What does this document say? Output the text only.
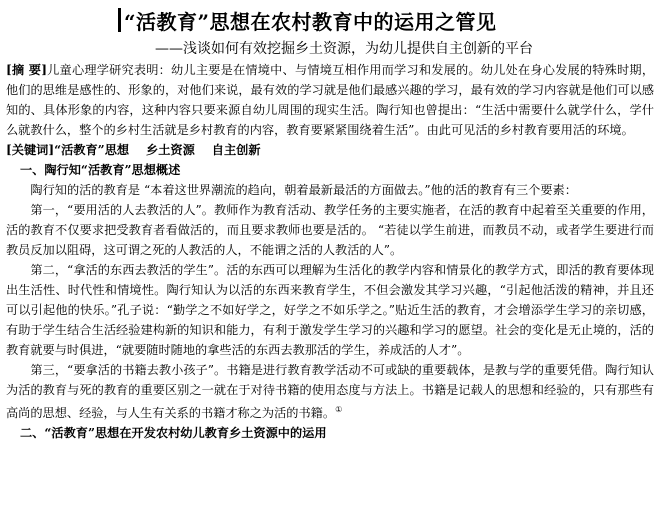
“活教育”思想在农村教育中的运用之管见
——浅谈如何有效挖掘乡土资源，为幼儿提供自主创新的平台

[摘 要]儿童心理学研究表明：幼儿主要是在情境中、与情境互相作用而学习和发展的。幼儿处在身心发展的特殊时期，他们的思维是感性的、形象的，对他们来说，最有效的学习就是他们最感兴趣的学习，最有效的学习内容就是他们可以感知的、具体形象的内容，这种内容只要来源自幼儿周围的现实生活。陶行知也曾提出：“生活中需要什么就学什么，学什么就教什么，整个的乡村生活就是乡村教育的内容，教育要紧紧围绕着生活”。由此可见活的乡村教育要用活的环境。

[关键词]“活教育”思想    乡土资源    自主创新

一、陶行知“活教育”思想概述

陶行知的活的教育是 “本着这世界潮流的趋向，朝着最新最活的方面做去。”他的活的教育有三个要素：

第一，“要用活的人去教活的人”。教师作为教育活动、教学任务的主要实施者，在活的教育中起着至关重要的作用，活的教育不仅要求把受教育者看做活的，而且要求教师也要是活的。 “若徒以学生前进，而教员不动，或者学生要进行而教员反加以阻碍，这可谓之死的人教活的人，不能谓之活的人教活的人”。

第二，“拿活的东西去教活的学生”。活的东西可以理解为生活化的教学内容和情景化的教学方式，即活的教育要体现出生活性、时代性和情境性。陶行知认为以活的东西来教育学生，不但会激发其学习兴趣，“引起他活泼的精神，并且还可以引起他的快乐。”孔子说：“勤学之不如好学之，好学之不如乐学之。”贴近生活的教育，才会增添学生学习的亲切感，有助于学生结合生活经验建构新的知识和能力，有利于激发学生学习的兴趣和学习的愿望。社会的变化是无止境的，活的教育就要与时俱进，“就要随时随地的拿些活的东西去教那活的学生，养成活的人才”。

第三，“要拿活的书籍去教小孩子”。书籍是进行教育教学活动不可或缺的重要载体，是教与学的重要凭借。陶行知认为活的教育与死的教育的重要区别之一就在于对待书籍的使用态度与方法上。书籍是记载人的思想和经验的，只有那些有高尚的思想、经验，与人生有关系的书籍才称之为活的书籍。①

二、“活教育”思想在开发农村幼儿教育乡土资源中的运用
